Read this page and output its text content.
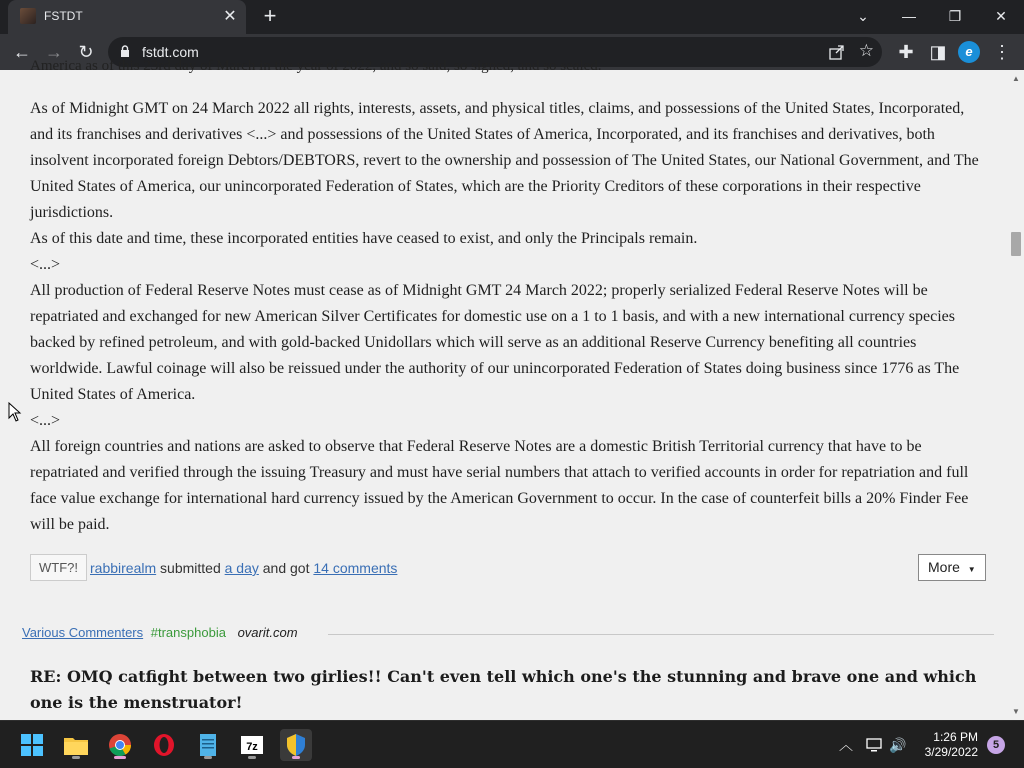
FSTDT	✕ +	⌄	—	❐	✕
← → ↻	fstdt.com	☆	✚ ◨	e	⋮
America as of this 23rd day of March in the year of 2022, and so said, so signed, and so sealed.

As of Midnight GMT on 24 March 2022 all rights, interests, assets, and physical titles, claims, and possessions of the United States, Incorporated, and its franchises and derivatives <...> and possessions of the United States of America, Incorporated, and its franchises and derivatives, both insolvent incorporated foreign Debtors/DEBTORS, revert to the ownership and possession of The United States, our National Government, and The United States of America, our unincorporated Federation of States, which are the Priority Creditors of these corporations in their respective jurisdictions.

As of this date and time, these incorporated entities have ceased to exist, and only the Principals remain.

<...>

All production of Federal Reserve Notes must cease as of Midnight GMT 24 March 2022; properly serialized Federal Reserve Notes will be repatriated and exchanged for new American Silver Certificates for domestic use on a 1 to 1 basis, and with a new international currency species backed by refined petroleum, and with gold-backed Unidollars which will serve as an additional Reserve Currency benefiting all countries worldwide. Lawful coinage will also be reissued under the authority of our unincorporated Federation of States doing business since 1776 as The United States of America.

<...>

All foreign countries and nations are asked to observe that Federal Reserve Notes are a domestic British Territorial currency that have to be repatriated and verified through the issuing Treasury and must have serial numbers that attach to verified accounts in order for repatriation and full face value exchange for international hard currency issued by the American Government to occur. In the case of counterfeit bills a 20% Finder Fee will be paid.

WTF?! rabbirealm submitted a day and got 14 comments	More ▼
Various Commenters #transphobia ovarit.com
RE: OMQ catfight between two girlies!! Can't even tell which one's the stunning and brave one and which one is the menstruator!
▲
▼
7z	︿	🔊	1:26 PM
3/29/2022	5
